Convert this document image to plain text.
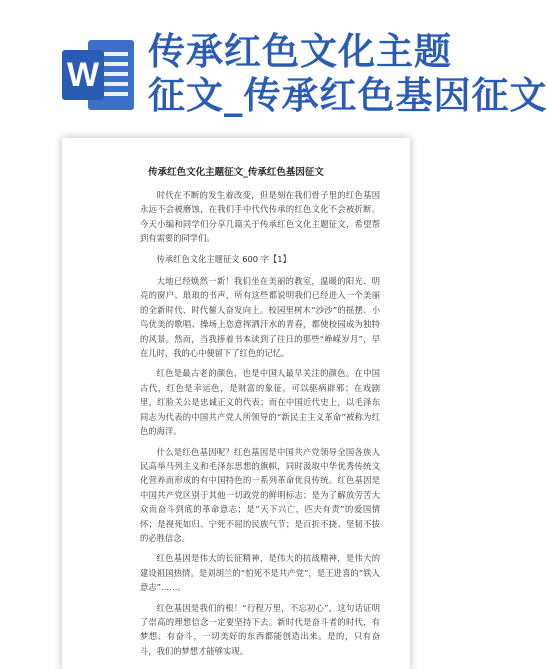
W
传承红色文化主题
征文_传承红色基因征文
传承红色文化主题征文_传承红色基因征文

时代在不断的发生着改变，但是刻在我们骨子里的红色基因永远不会被磨蚀，在我们手中代代传承的红色文化不会被折断。今天小编和同学们分享几篇关于传承红色文化主题征文，希望帮到有需要的同学们。

传承红色文化主题征文 600 字【1】

大地已经焕然一新！我们坐在美丽的教室，温暖的阳光、明亮的窗户、琅琅的书声，所有这些都说明我们已经进入一个美丽的全新时代、时代催人奋发向上。校园里树木“沙沙”的摇摆、小鸟优美的歌唱、操场上恣意挥洒汗水的青春，都使校园成为独特的风景。然而，当我捧着书本读到了往日的那些“峥嵘岁月”，早在儿时，我的心中便留下了红色的记忆。

红色是最古老的颜色，也是中国人最早关注的颜色。在中国古代，红色是幸运色，是财富的象征，可以驱病辟邪；在戏剧里，红脸关公是忠诚正义的代表；而在中国近代史上，以毛泽东同志为代表的中国共产党人所领导的“新民主主义革命”被称为红色的海洋。

什么是红色基因呢？红色基因是中国共产党领导全国各族人民高举马列主义和毛泽东思想的旗帜，同时汲取中华优秀传统文化营养而形成的有中国特色的一系列革命优良传统。红色基因是中国共产党区别于其他一切政党的鲜明标志；是为了解放劳苦大众而奋斗到底的革命意志；是“天下兴亡，匹夫有责”的爱国情怀；是视死如归、宁死不屈的民族气节；是百折不挠、坚韧不拔的必胜信念。

红色基因是伟大的长征精神，是伟大的抗战精神，是伟大的建设祖国热情。是刘胡兰的“怕死不是共产党”，是王进喜的“铁人意志”……。

红色基因是我们的根！“行程万里，不忘初心”，这句话证明了崇高的理想信念一定要坚持下去。新时代是奋斗者的时代，有梦想、有奋斗，一切美好的东西都能创造出来。是的，只有奋斗，我们的梦想才能够实现。
